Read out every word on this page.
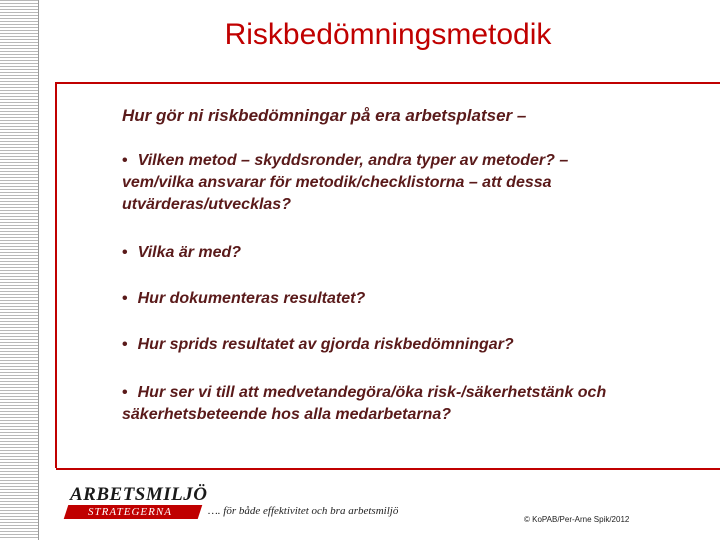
Riskbedömningsmetodik
Hur gör ni riskbedömningar på era arbetsplatser –
• Vilken metod – skyddsronder, andra typer av metoder? – vem/vilka ansvarar för metodik/checklistorna – att dessa utvärderas/utvecklas?
• Vilka är med?
• Hur dokumenteras resultatet?
• Hur sprids resultatet av gjorda riskbedömningar?
• Hur ser vi till att medvetandegöra/öka risk-/säkerhetstänk och säkerhetsbeteende hos alla medarbetarna?
ARBETSMILJÖ
STRATEGERNA	…. för både effektivitet och bra arbetsmiljö
© KoPAB/Per-Arne Spik/2012
